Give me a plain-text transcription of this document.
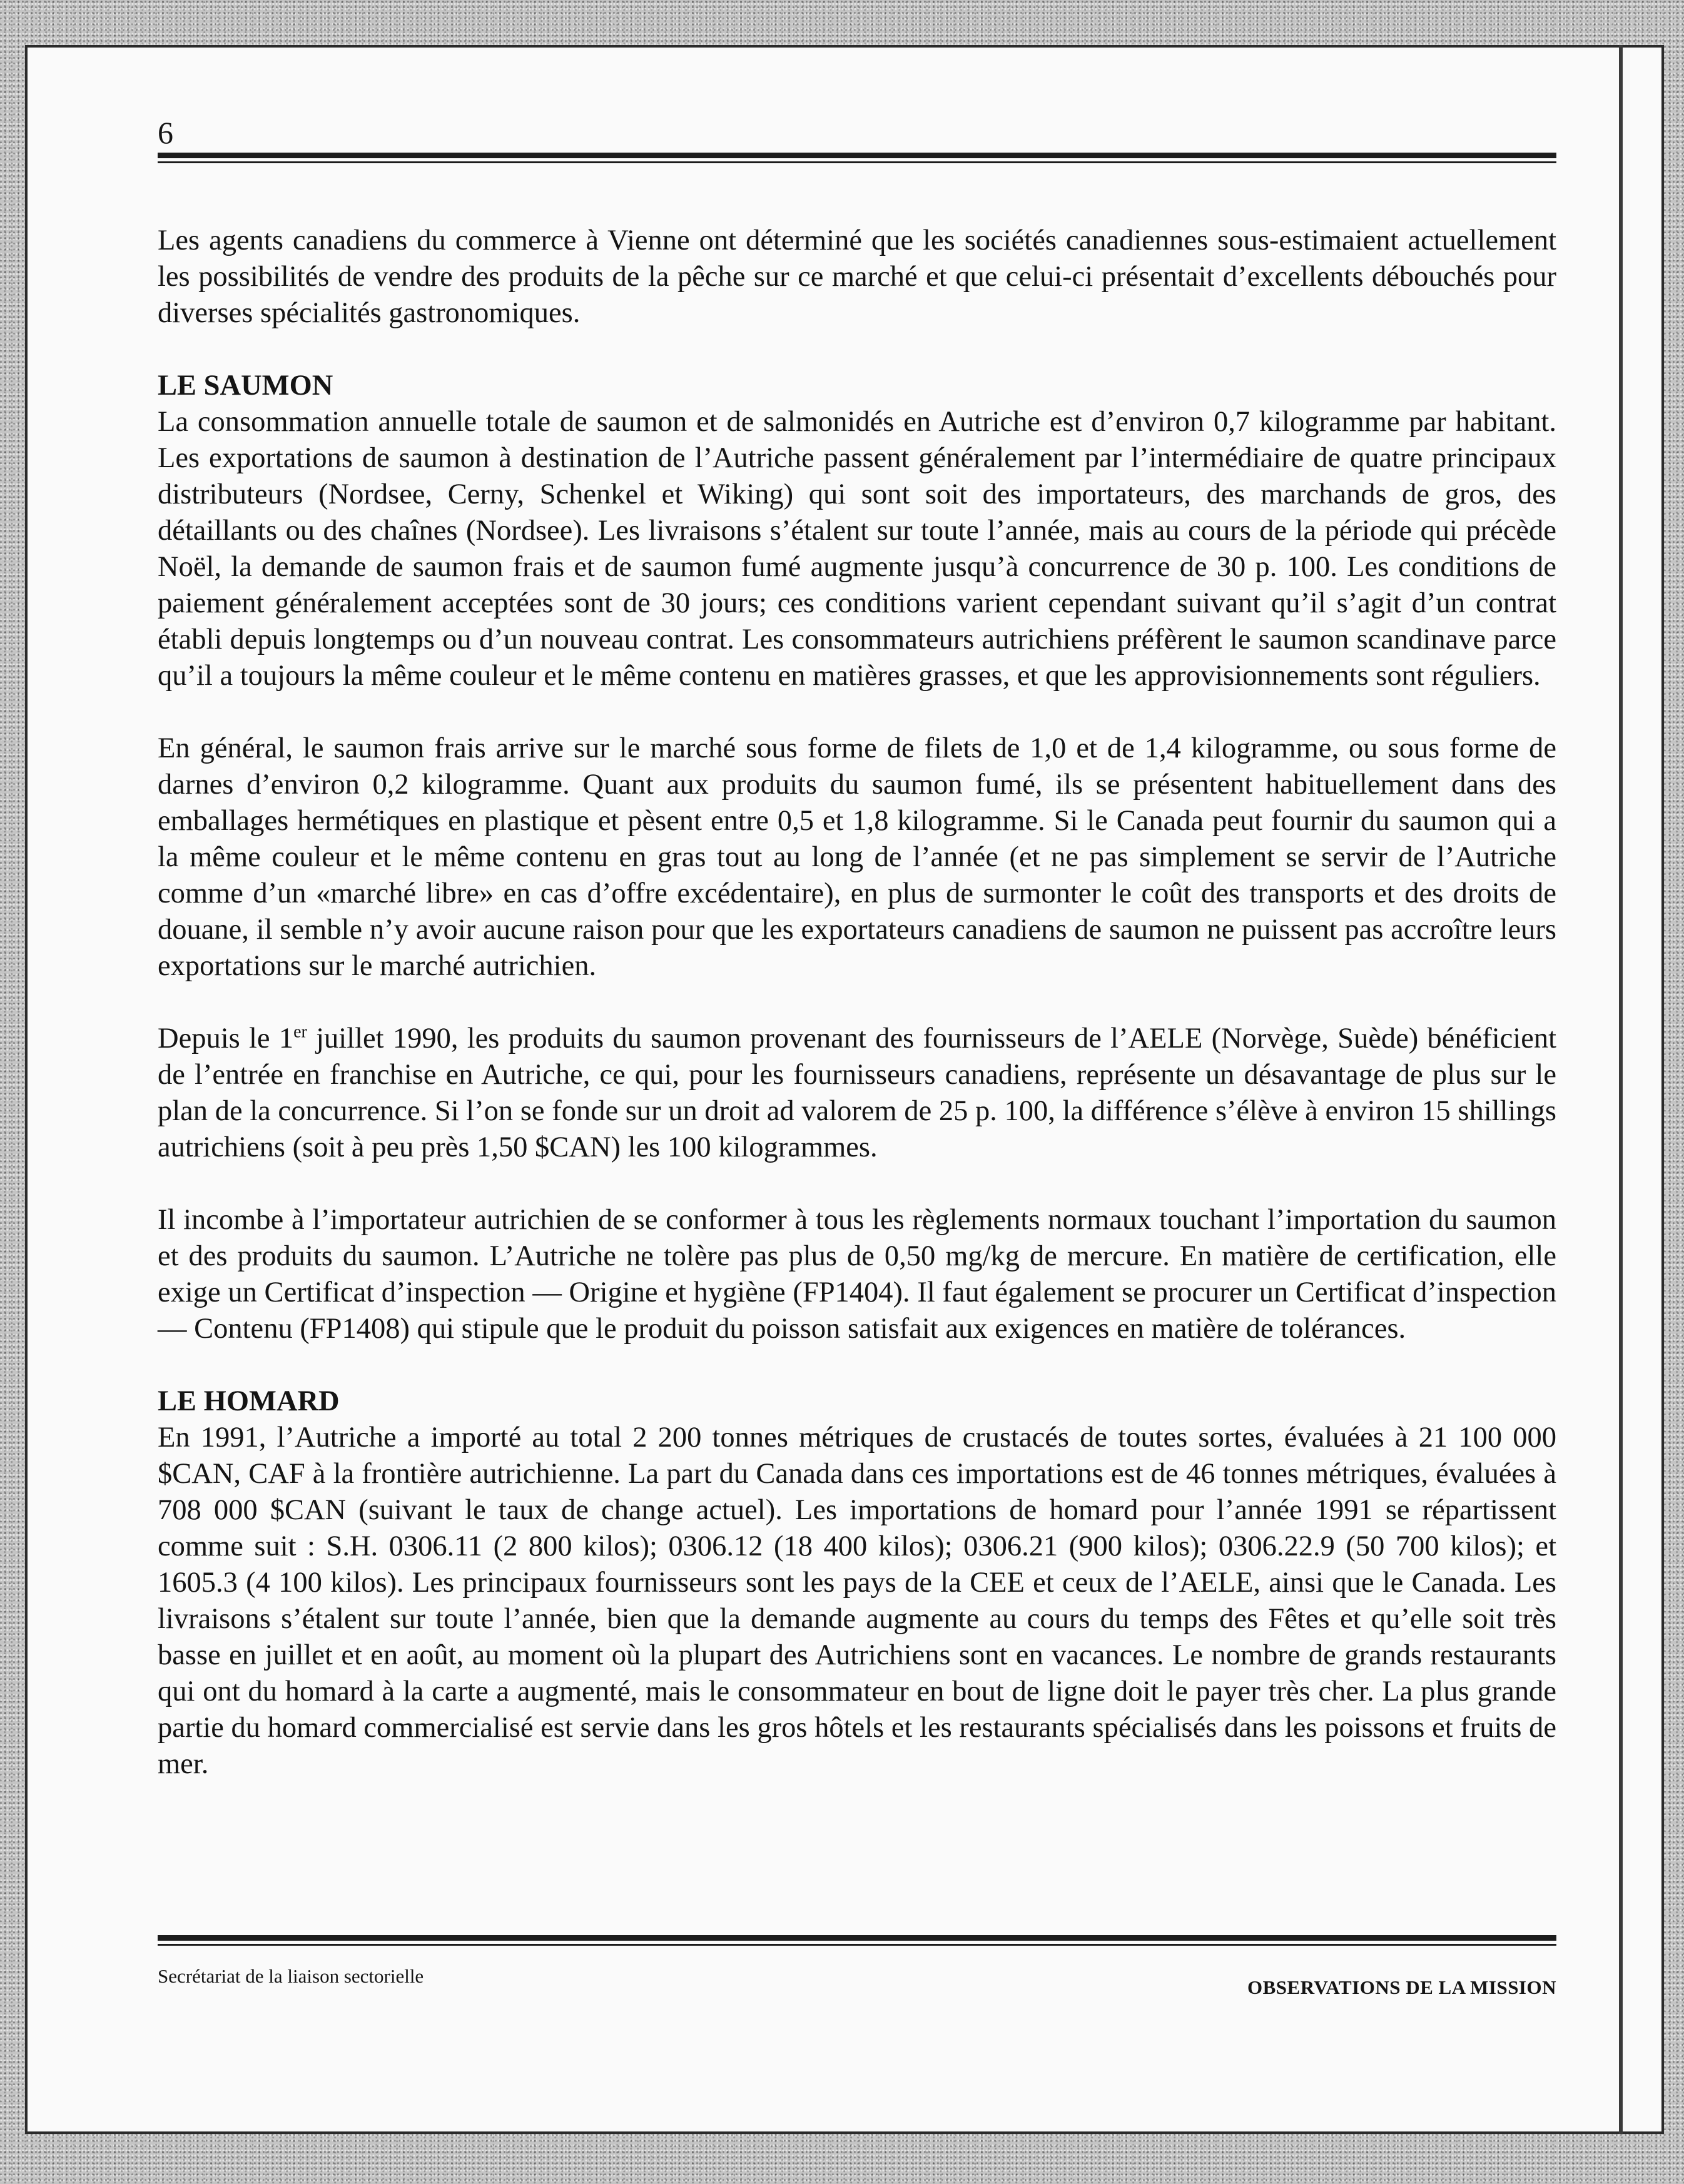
6

Les agents canadiens du commerce à Vienne ont déterminé que les sociétés canadiennes sous-estimaient actuellement les possibilités de vendre des produits de la pêche sur ce marché et que celui-ci présentait d’excellents débouchés pour diverses spécialités gastronomiques.

LE SAUMON

La consommation annuelle totale de saumon et de salmonidés en Autriche est d’environ 0,7 kilogramme par habitant. Les exportations de saumon à destination de l’Autriche passent généralement par l’intermédiaire de quatre principaux distributeurs (Nordsee, Cerny, Schenkel et Wiking) qui sont soit des importateurs, des marchands de gros, des détaillants ou des chaînes (Nordsee). Les livraisons s’étalent sur toute l’année, mais au cours de la période qui précède Noël, la demande de saumon frais et de saumon fumé augmente jusqu’à concurrence de 30 p. 100. Les conditions de paiement généralement acceptées sont de 30 jours; ces conditions varient cependant suivant qu’il s’agit d’un contrat établi depuis longtemps ou d’un nouveau contrat. Les consommateurs autrichiens préfèrent le saumon scandinave parce qu’il a toujours la même couleur et le même contenu en matières grasses, et que les approvisionnements sont réguliers.

En général, le saumon frais arrive sur le marché sous forme de filets de 1,0 et de 1,4 kilogramme, ou sous forme de darnes d’environ 0,2 kilogramme. Quant aux produits du saumon fumé, ils se présentent habituellement dans des emballages hermétiques en plastique et pèsent entre 0,5 et 1,8 kilogramme. Si le Canada peut fournir du saumon qui a la même couleur et le même contenu en gras tout au long de l’année (et ne pas simplement se servir de l’Autriche comme d’un «marché libre» en cas d’offre excédentaire), en plus de surmonter le coût des transports et des droits de douane, il semble n’y avoir aucune raison pour que les exportateurs canadiens de saumon ne puissent pas accroître leurs exportations sur le marché autrichien.

Depuis le 1er juillet 1990, les produits du saumon provenant des fournisseurs de l’AELE (Norvège, Suède) bénéficient de l’entrée en franchise en Autriche, ce qui, pour les fournisseurs canadiens, représente un désavantage de plus sur le plan de la concurrence. Si l’on se fonde sur un droit ad valorem de 25 p. 100, la différence s’élève à environ 15 shillings autrichiens (soit à peu près 1,50 $CAN) les 100 kilogrammes.

Il incombe à l’importateur autrichien de se conformer à tous les règlements normaux touchant l’importation du saumon et des produits du saumon. L’Autriche ne tolère pas plus de 0,50 mg/kg de mercure. En matière de certification, elle exige un Certificat d’inspection — Origine et hygiène (FP1404). Il faut également se procurer un Certificat d’inspection — Contenu (FP1408) qui stipule que le produit du poisson satisfait aux exigences en matière de tolérances.

LE HOMARD

En 1991, l’Autriche a importé au total 2 200 tonnes métriques de crustacés de toutes sortes, évaluées à 21 100 000 $CAN, CAF à la frontière autrichienne. La part du Canada dans ces importations est de 46 tonnes métriques, évaluées à 708 000 $CAN (suivant le taux de change actuel). Les importations de homard pour l’année 1991 se répartissent comme suit : S.H. 0306.11 (2 800 kilos); 0306.12 (18 400 kilos); 0306.21 (900 kilos); 0306.22.9 (50 700 kilos); et 1605.3 (4 100 kilos). Les principaux fournisseurs sont les pays de la CEE et ceux de l’AELE, ainsi que le Canada. Les livraisons s’étalent sur toute l’année, bien que la demande augmente au cours du temps des Fêtes et qu’elle soit très basse en juillet et en août, au moment où la plupart des Autrichiens sont en vacances. Le nombre de grands restaurants qui ont du homard à la carte a augmenté, mais le consommateur en bout de ligne doit le payer très cher. La plus grande partie du homard commercialisé est servie dans les gros hôtels et les restaurants spécialisés dans les poissons et fruits de mer.

Secrétariat de la liaison sectorielle
OBSERVATIONS DE LA MISSION
